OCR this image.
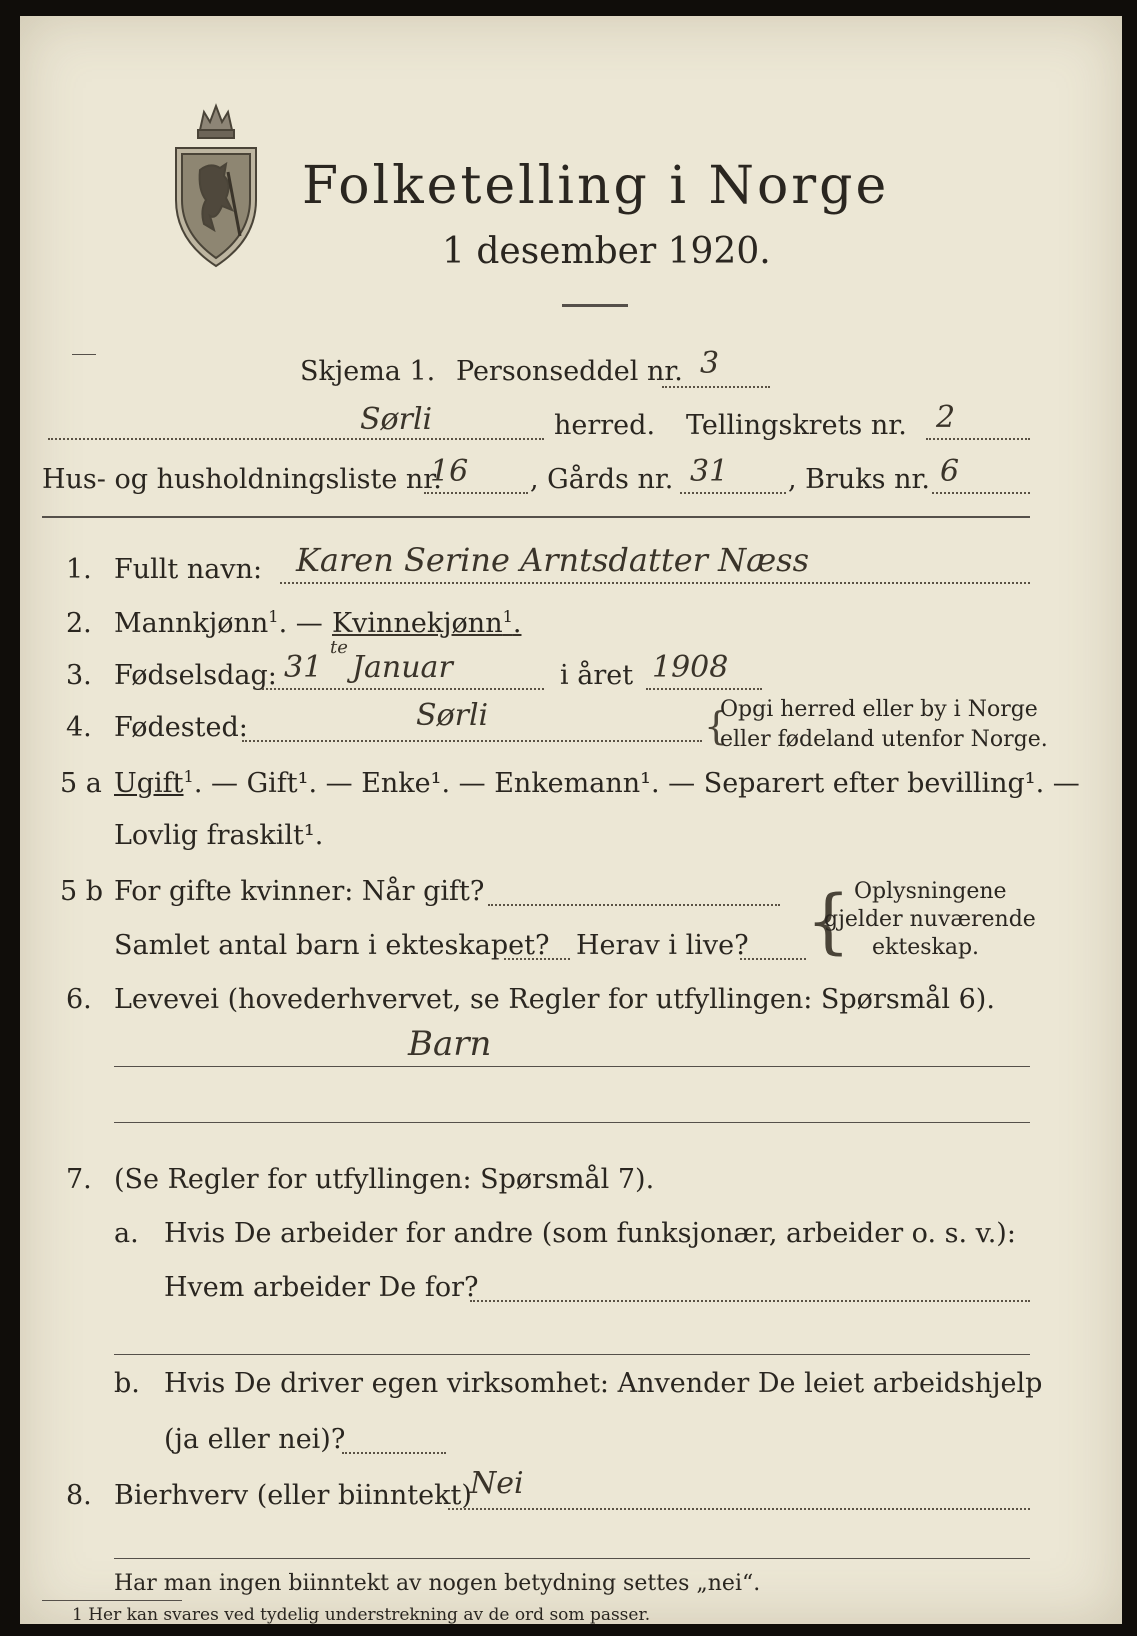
Folketelling i Norge
1 desember 1920.
Skjema 1. Personseddel nr. 3
Sørli	herred. Tellingskrets nr. 2
Hus- og husholdningsliste nr.
16 , Gårds nr. 31 , Bruks nr. 6
1. Fullt navn: Karen Serine Arntsdatter Næss
2. Mannkjønn$^1$. — Kvinnekjønn$^1$.
3. Fødselsdag: 31
te
Januar	i året 1908
4. Fødested:	Sørli	{
Opgi herred eller by i Norge
eller fødeland utenfor Norge.
5 a Ugift$^1$. — Gift¹. — Enke¹. — Enkemann¹. — Separert efter bevilling¹. —
Lovlig fraskilt¹.
5 b For gifte kvinner: Når gift?
Samlet antal barn i ekteskapet? Herav i live? { Oplysningene
gjelder nuværende
ekteskap.
6. Levevei (hovederhvervet, se Regler for utfyllingen: Spørsmål 6).
Barn
7. (Se Regler for utfyllingen: Spørsmål 7).
a. Hvis De arbeider for andre (som funksjonær, arbeider o. s. v.):
Hvem arbeider De for?
b. Hvis De driver egen virksomhet: Anvender De leiet arbeidshjelp
(ja eller nei)?
8. Bierhverv (eller biinntekt)
Nei
Har man ingen biinntekt av nogen betydning settes „nei“.
1 Her kan svares ved tydelig understrekning av de ord som passer.
